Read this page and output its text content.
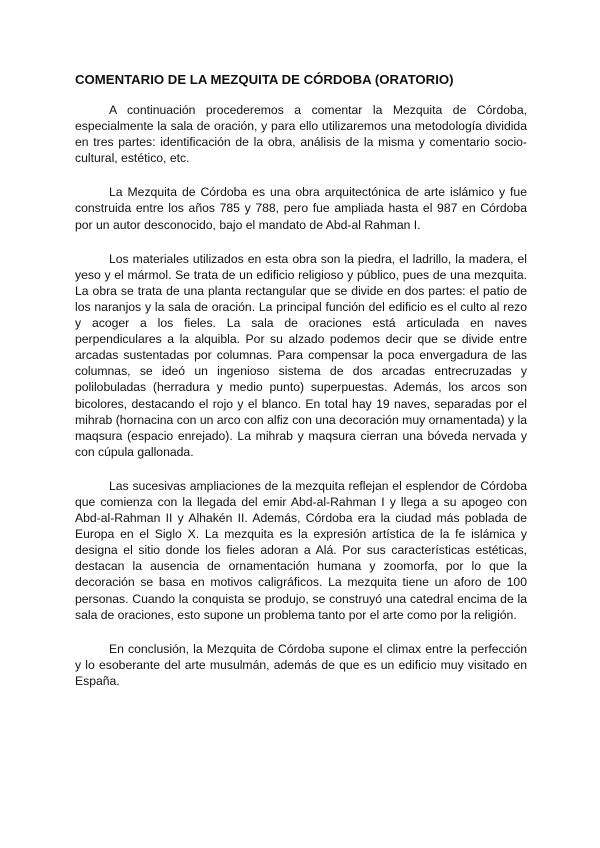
COMENTARIO DE LA MEZQUITA DE CÓRDOBA (ORATORIO)

A continuación procederemos a comentar la Mezquita de Córdoba, especialmente la sala de oración, y para ello utilizaremos una metodología dividida en tres partes: identificación de la obra, análisis de la misma y comentario socio-cultural, estético, etc.

La Mezquita de Córdoba es una obra arquitectónica de arte islámico y fue construida entre los años 785 y 788, pero fue ampliada hasta el 987 en Córdoba por un autor desconocido, bajo el mandato de Abd-al Rahman I.

Los materiales utilizados en esta obra son la piedra, el ladrillo, la madera, el yeso y el mármol. Se trata de un edificio religioso y público, pues de una mezquita. La obra se trata de una planta rectangular que se divide en dos partes: el patio de los naranjos y la sala de oración. La principal función del edificio es el culto al rezo y acoger a los fieles. La sala de oraciones está articulada en naves perpendiculares a la alquibla. Por su alzado podemos decir que se divide entre arcadas sustentadas por columnas. Para compensar la poca envergadura de las columnas, se ideó un ingenioso sistema de dos arcadas entrecruzadas y polilobuladas (herradura y medio punto) superpuestas. Además, los arcos son bicolores, destacando el rojo y el blanco. En total hay 19 naves, separadas por el mihrab (hornacina con un arco con alfiz con una decoración muy ornamentada) y la maqsura (espacio enrejado). La mihrab y maqsura cierran una bóveda nervada y con cúpula gallonada.

Las sucesivas ampliaciones de la mezquita reflejan el esplendor de Córdoba que comienza con la llegada del emir Abd-al-Rahman I y llega a su apogeo con Abd-al-Rahman II y Alhakén II. Además, Córdoba era la ciudad más poblada de Europa en el Siglo X. La mezquita es la expresión artística de la fe islámica y designa el sitio donde los fieles adoran a Alá. Por sus características estéticas, destacan la ausencia de ornamentación humana y zoomorfa, por lo que la decoración se basa en motivos caligráficos. La mezquita tiene un aforo de 100 personas. Cuando la conquista se produjo, se construyó una catedral encima de la sala de oraciones, esto supone un problema tanto por el arte como por la religión.

En conclusión, la Mezquita de Córdoba supone el climax entre la perfección y lo esoberante del arte musulmán, además de que es un edificio muy visitado en España.
